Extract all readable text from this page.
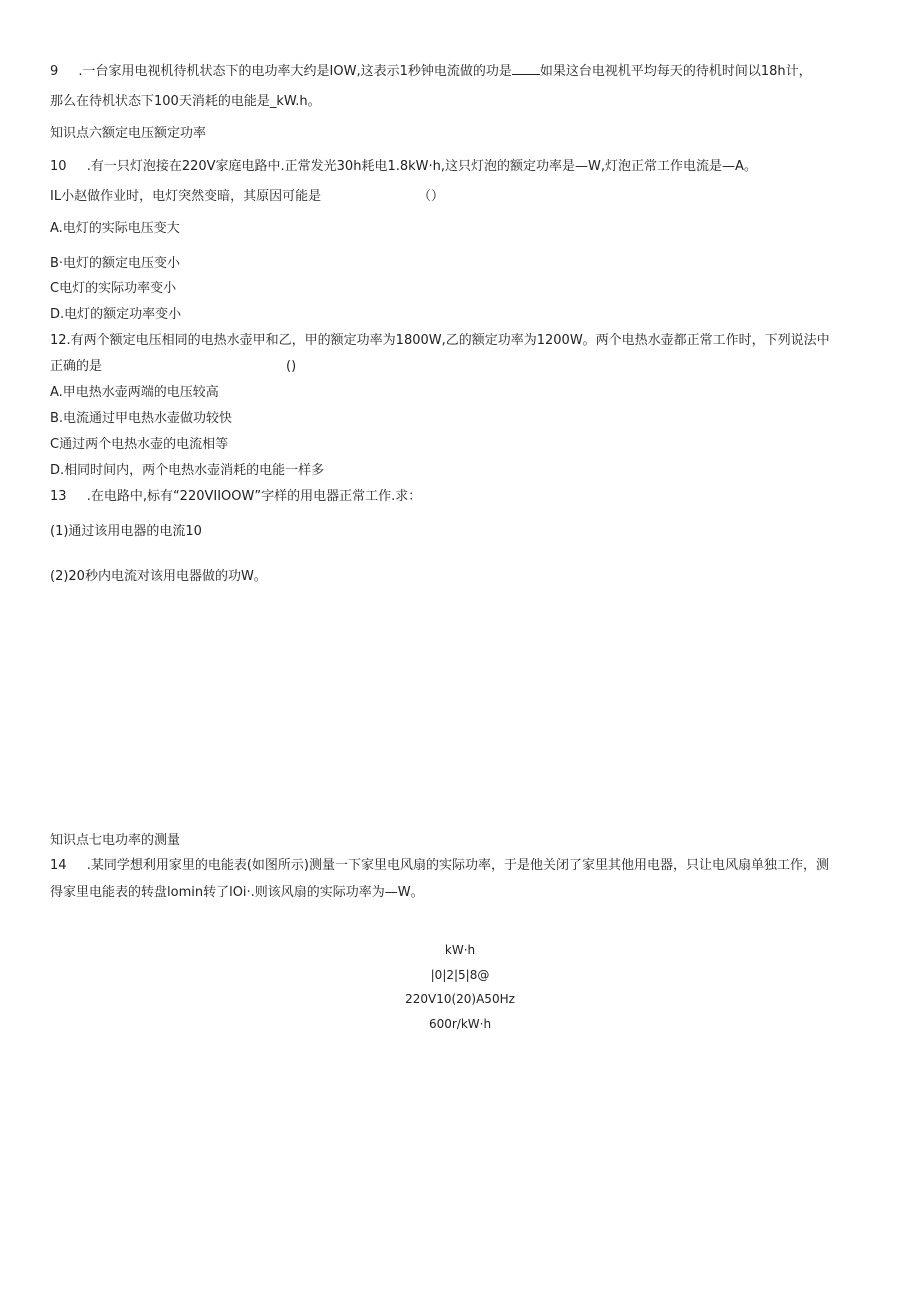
9 .一台家用电视机待机状态下的电功率大约是IOW,这表示1秒钟电流做的功是 如果这台电视机平均每天的待机时间以18h计，
那么在待机状态下100天消耗的电能是_kW.h。
知识点六额定电压额定功率
10 .有一只灯泡接在220V家庭电路中.正常发光30h耗电1.8kW·h,这只灯泡的额定功率是—W,灯泡正常工作电流是—A。
IL小赵做作业时，电灯突然变暗，其原因可能是	（）
A.电灯的实际电压变大
B·电灯的额定电压变小
C电灯的实际功率变小
D.电灯的额定功率变小
12.有两个额定电压相同的电热水壶甲和乙，甲的额定功率为1800W,乙的额定功率为1200W。两个电热水壶都正常工作时，下列说法中
正确的是	()
A.甲电热水壶两端的电压较高
B.电流通过甲电热水壶做功较快
C通过两个电热水壶的电流相等
D.相同时间内，两个电热水壶消耗的电能一样多
13 .在电路中,标有“220VIIOOW”字样的用电器正常工作.求：
(1)通过该用电器的电流10
(2)20秒内电流对该用电器做的功W。
知识点七电功率的测量
14 .某同学想利用家里的电能表(如图所示)测量一下家里电风扇的实际功率，于是他关闭了家里其他用电器，只让电风扇单独工作，测
得家里电能表的转盘lomin转了lOi·.则该风扇的实际功率为—W。
kW·h
|0|2|5|8@
220V10(20)A50Hz
600r/kW·h
